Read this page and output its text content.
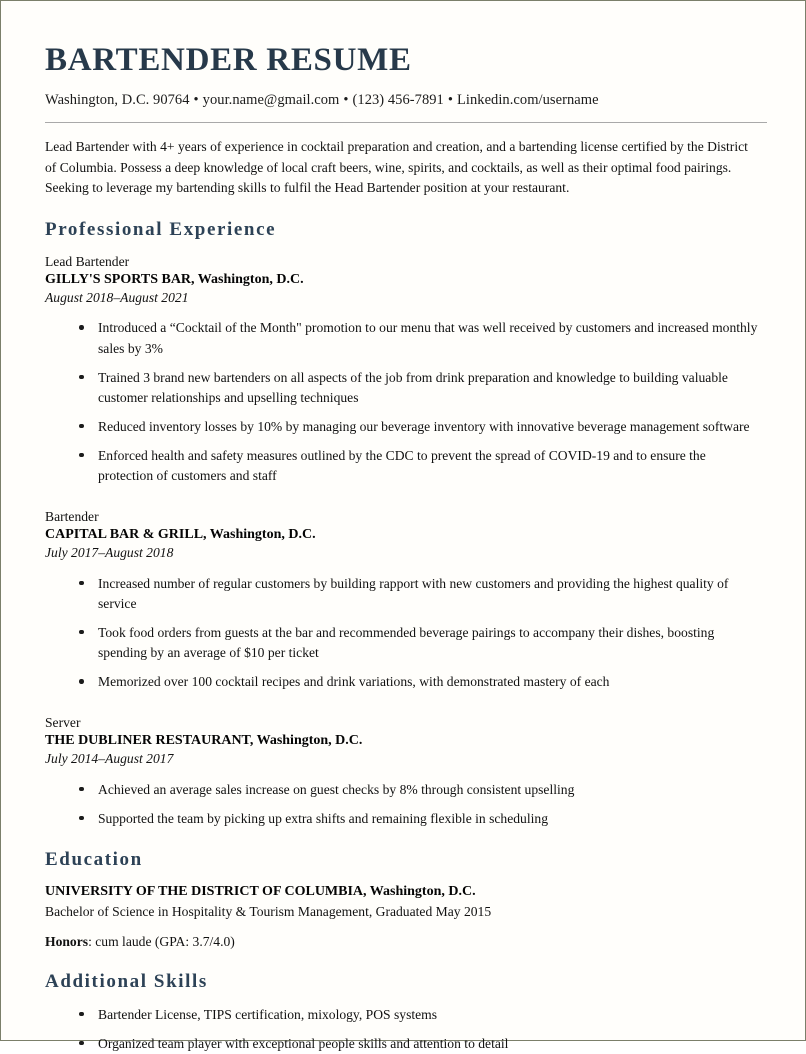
BARTENDER RESUME
Washington, D.C. 90764 • your.name@gmail.com • (123) 456-7891 • Linkedin.com/username

Lead Bartender with 4+ years of experience in cocktail preparation and creation, and a bartending license certified by the District of Columbia. Possess a deep knowledge of local craft beers, wine, spirits, and cocktails, as well as their optimal food pairings. Seeking to leverage my bartending skills to fulfil the Head Bartender position at your restaurant.

Professional Experience
Lead Bartender
GILLY'S SPORTS BAR, Washington, D.C.
August 2018–August 2021
Introduced a “Cocktail of the Month" promotion to our menu that was well received by customers and increased monthly sales by 3%
Trained 3 brand new bartenders on all aspects of the job from drink preparation and knowledge to building valuable customer relationships and upselling techniques
Reduced inventory losses by 10% by managing our beverage inventory with innovative beverage management software
Enforced health and safety measures outlined by the CDC to prevent the spread of COVID-19 and to ensure the protection of customers and staff
Bartender
CAPITAL BAR & GRILL, Washington, D.C.
July 2017–August 2018
Increased number of regular customers by building rapport with new customers and providing the highest quality of service
Took food orders from guests at the bar and recommended beverage pairings to accompany their dishes, boosting spending by an average of $10 per ticket
Memorized over 100 cocktail recipes and drink variations, with demonstrated mastery of each
Server
THE DUBLINER RESTAURANT, Washington, D.C.
July 2014–August 2017
Achieved an average sales increase on guest checks by 8% through consistent upselling
Supported the team by picking up extra shifts and remaining flexible in scheduling
Education
UNIVERSITY OF THE DISTRICT OF COLUMBIA, Washington, D.C.
Bachelor of Science in Hospitality & Tourism Management, Graduated May 2015
Honors: cum laude (GPA: 3.7/4.0)
Additional Skills
Bartender License, TIPS certification, mixology, POS systems
Organized team player with exceptional people skills and attention to detail
